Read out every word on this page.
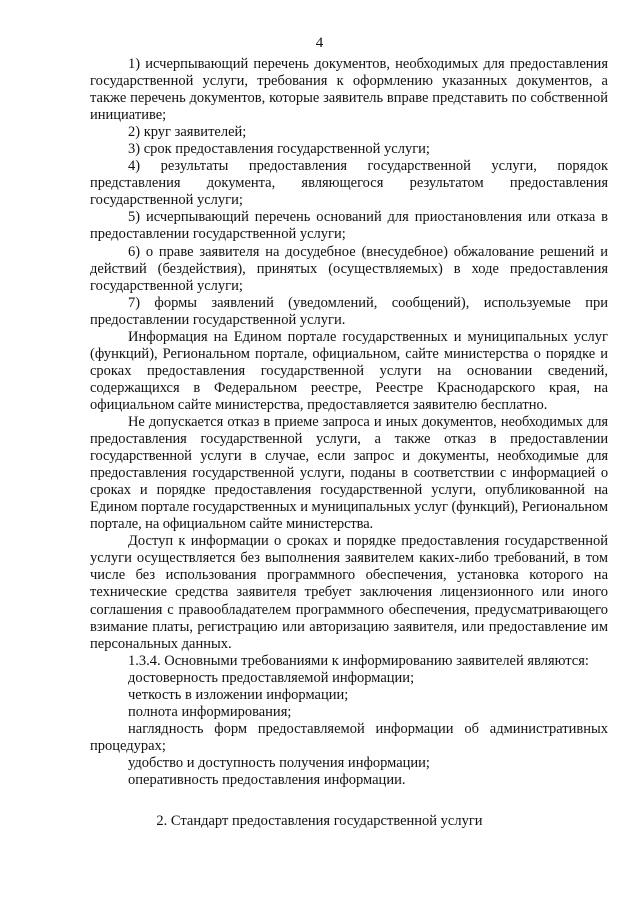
4

1) исчерпывающий перечень документов, необходимых для предоставления государственной услуги, требования к оформлению указанных документов, а также перечень документов, которые заявитель вправе представить по собственной инициативе;

2) круг заявителей;

3) срок предоставления государственной услуги;

4) результаты предоставления государственной услуги, порядок представления документа, являющегося результатом предоставления государственной услуги;

5) исчерпывающий перечень оснований для приостановления или отказа в предоставлении государственной услуги;

6) о праве заявителя на досудебное (внесудебное) обжалование решений и действий (бездействия), принятых (осуществляемых) в ходе предоставления государственной услуги;

7) формы заявлений (уведомлений, сообщений), используемые при предоставлении государственной услуги.

Информация на Едином портале государственных и муниципальных услуг (функций), Региональном портале, официальном, сайте министерства о порядке и сроках предоставления государственной услуги на основании сведений, содержащихся в Федеральном реестре, Реестре Краснодарского края, на официальном сайте министерства, предоставляется заявителю бесплатно.

Не допускается отказ в приеме запроса и иных документов, необходимых для предоставления государственной услуги, а также отказ в предоставлении государственной услуги в случае, если запрос и документы, необходимые для предоставления государственной услуги, поданы в соответствии с информацией о сроках и порядке предоставления государственной услуги, опубликованной на Едином портале государственных и муниципальных услуг (функций), Региональном портале, на официальном сайте министерства.

Доступ к информации о сроках и порядке предоставления государственной услуги осуществляется без выполнения заявителем каких-либо требований, в том числе без использования программного обеспечения, установка которого на технические средства заявителя требует заключения лицензионного или иного соглашения с правообладателем программного обеспечения, предусматривающего взимание платы, регистрацию или авторизацию заявителя, или предоставление им персональных данных.

1.3.4. Основными требованиями к информированию заявителей являются:

достоверность предоставляемой информации;

четкость в изложении информации;

полнота информирования;

наглядность форм предоставляемой информации об административных процедурах;

удобство и доступность получения информации;

оперативность предоставления информации.

2. Стандарт предоставления государственной услуги
